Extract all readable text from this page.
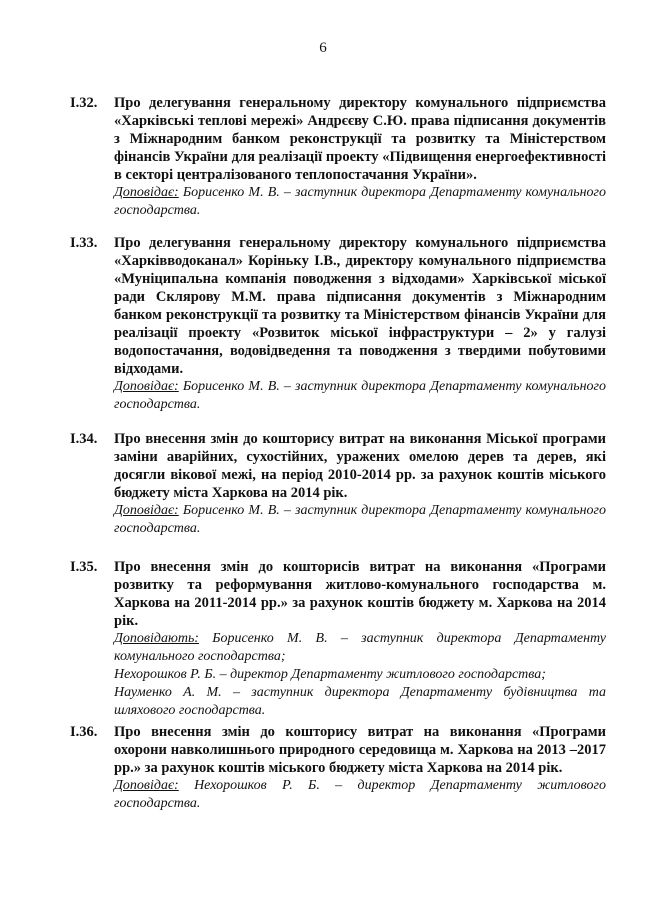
6
І.32.	Про делегування генеральному директору комунального підприємства «Харківські теплові мережі» Андрєєву С.Ю. права підписання документів з Міжнародним банком реконструкції та розвитку та Міністерством фінансів України для реалізації проекту «Підвищення енергоефективності в секторі централізованого теплопостачання України».

Доповідає: Борисенко М. В. – заступник директора Департаменту комунального господарства.

І.33.	Про делегування генеральному директору комунального підприємства «Харківводоканал» Корінькy І.В., директору комунального підприємства «Муніципальна компанія поводження з відходами» Харківської міської ради Склярову М.М. права підписання документів з Міжнародним банком реконструкції та розвитку та Міністерством фінансів України для реалізації проекту «Розвиток міської інфраструктури – 2» у галузі водопостачання, водовідведення та поводження з твердими побутовими відходами.

Доповідає: Борисенко М. В. – заступник директора Департаменту комунального господарства.

І.34.	Про внесення змін до кошторису витрат на виконання Міської програми заміни аварійних, сухостійних, уражених омелою дерев та дерев, які досягли вікової межі, на період 2010-2014 рр. за рахунок коштів міського бюджету міста Харкова на 2014 рік.

Доповідає: Борисенко М. В. – заступник директора Департаменту комунального господарства.

І.35.	Про внесення змін до кошторисів витрат на виконання «Програми розвитку та реформування житлово-комунального господарства м. Харкова на 2011-2014 рр.» за рахунок коштів бюджету м. Харкова на 2014 рік.

Доповідають: Борисенко М. В. – заступник директора Департаменту комунального господарства;

Нехорошков Р. Б. – директор Департаменту житлового господарства;

Науменко А. М. – заступник директора Департаменту будівництва та шляхового господарства.

І.36.	Про внесення змін до кошторису витрат на виконання «Програми охорони навколишнього природного середовища м. Харкова на 2013 –2017 рр.» за рахунок коштів міського бюджету міста Харкова на 2014 рік.

Доповідає: Нехорошков Р. Б. – директор Департаменту житлового господарства.
